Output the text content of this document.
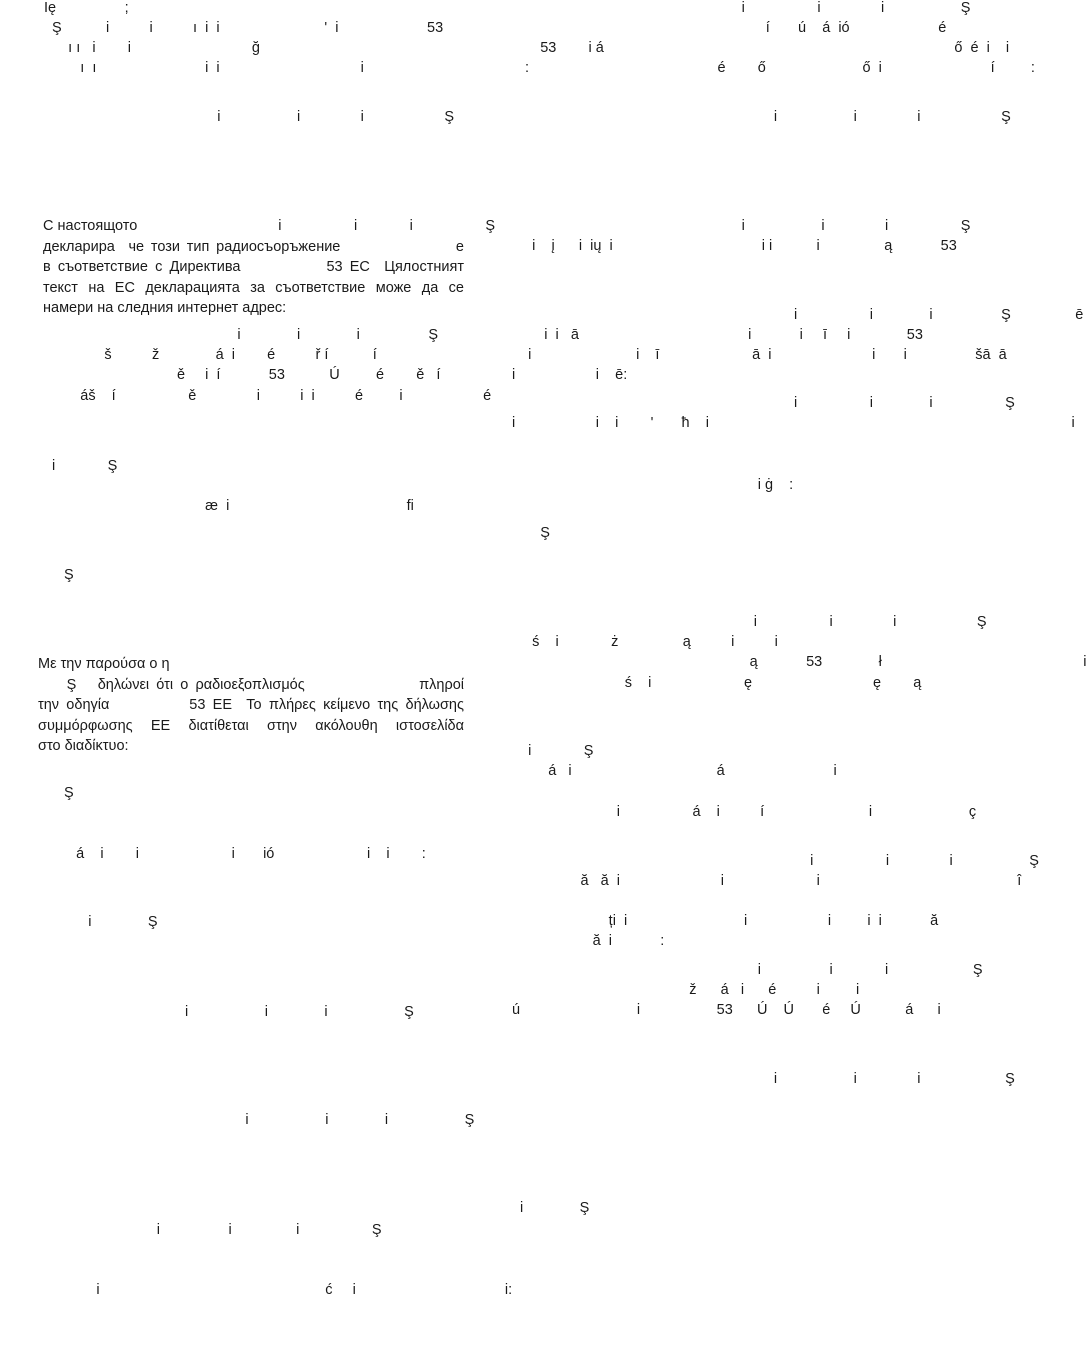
Ię                 ;
Ş           i          i          ı  i  i                          '  i                      53
ı ı   i        i                              ğ
ı  ı                           i  i                                   i                                        :
i                   i               i                    Ş
С настоящото                                   i                  i             i                  Ş
декларира  че този тип радиосъоръжение                 е
в съответствие с Директива            53 ЕС  Цялостният
текст на ЕС декларацията за съответствие може да се
намери на следния интернет адрес:
i              i              i                 Ş
š          ž              á  i        é          ř í           í
ě     i  í            53           Ú         é        ě   í
áš    í                  ě               i          i  i          é         i                    é
i             Ş
æ  i                                            fi
Ş
Με την παρούσα ο η
Ş   δηλώνει ότι ο ραδιοεξοπλισμός                πληροί
την οδηγία           53 ΕΕ  Το πλήρες κείμενο της δήλωσης
συμμόρφωσης ΕΕ διατίθεται στην ακόλουθη ιστοσελίδα
στο διαδίκτυο:
Ş
á    i        i                       i       ió                       i    i        :
i              Ş
i                   i              i                   Ş
i                   i              i                   Ş
i                 i                i                  Ş
i                                                        ć     i                                     i:
i                  i               i                   Ş
í       ú    á  ió                      é
53        i á                                                                                       ő  é  i    i
é        ő                        ő  i                           í         :
i                   i               i                    Ş
i                   i               i                  Ş
i    į      i  ių  i                                     i i           i                ą            53
i                  i              i                 Ş                ē
i  i   ā                                          i            i     ī     i              53
i                          i    ī                       ā  i                         i       i                 šā  ā
i                    i    ē:
i                  i              i                  Ş
i                    i    i        '       ħ    i                                                                                          i
i ġ    :
Ş
i                  i               i                    Ş
ś    i             ż                ą          i          i
ą            53              ł                                                  i
ś    i                       ę                              ę        ą
i             Ş
á   i                                    á                           i
i                  á    i          í                          i                        ç
i                  i               i                   Ş
ă   ă  i                         i                       i                                                 î
ți  i                             i                    i         i  i            ă
ă  i            :
i                 i             i                     Ş
ž      á   i      é          i         i
ú                             i                   53      Ú    Ú       é     Ú           á      i
i                   i               i                     Ş
i              Ş
